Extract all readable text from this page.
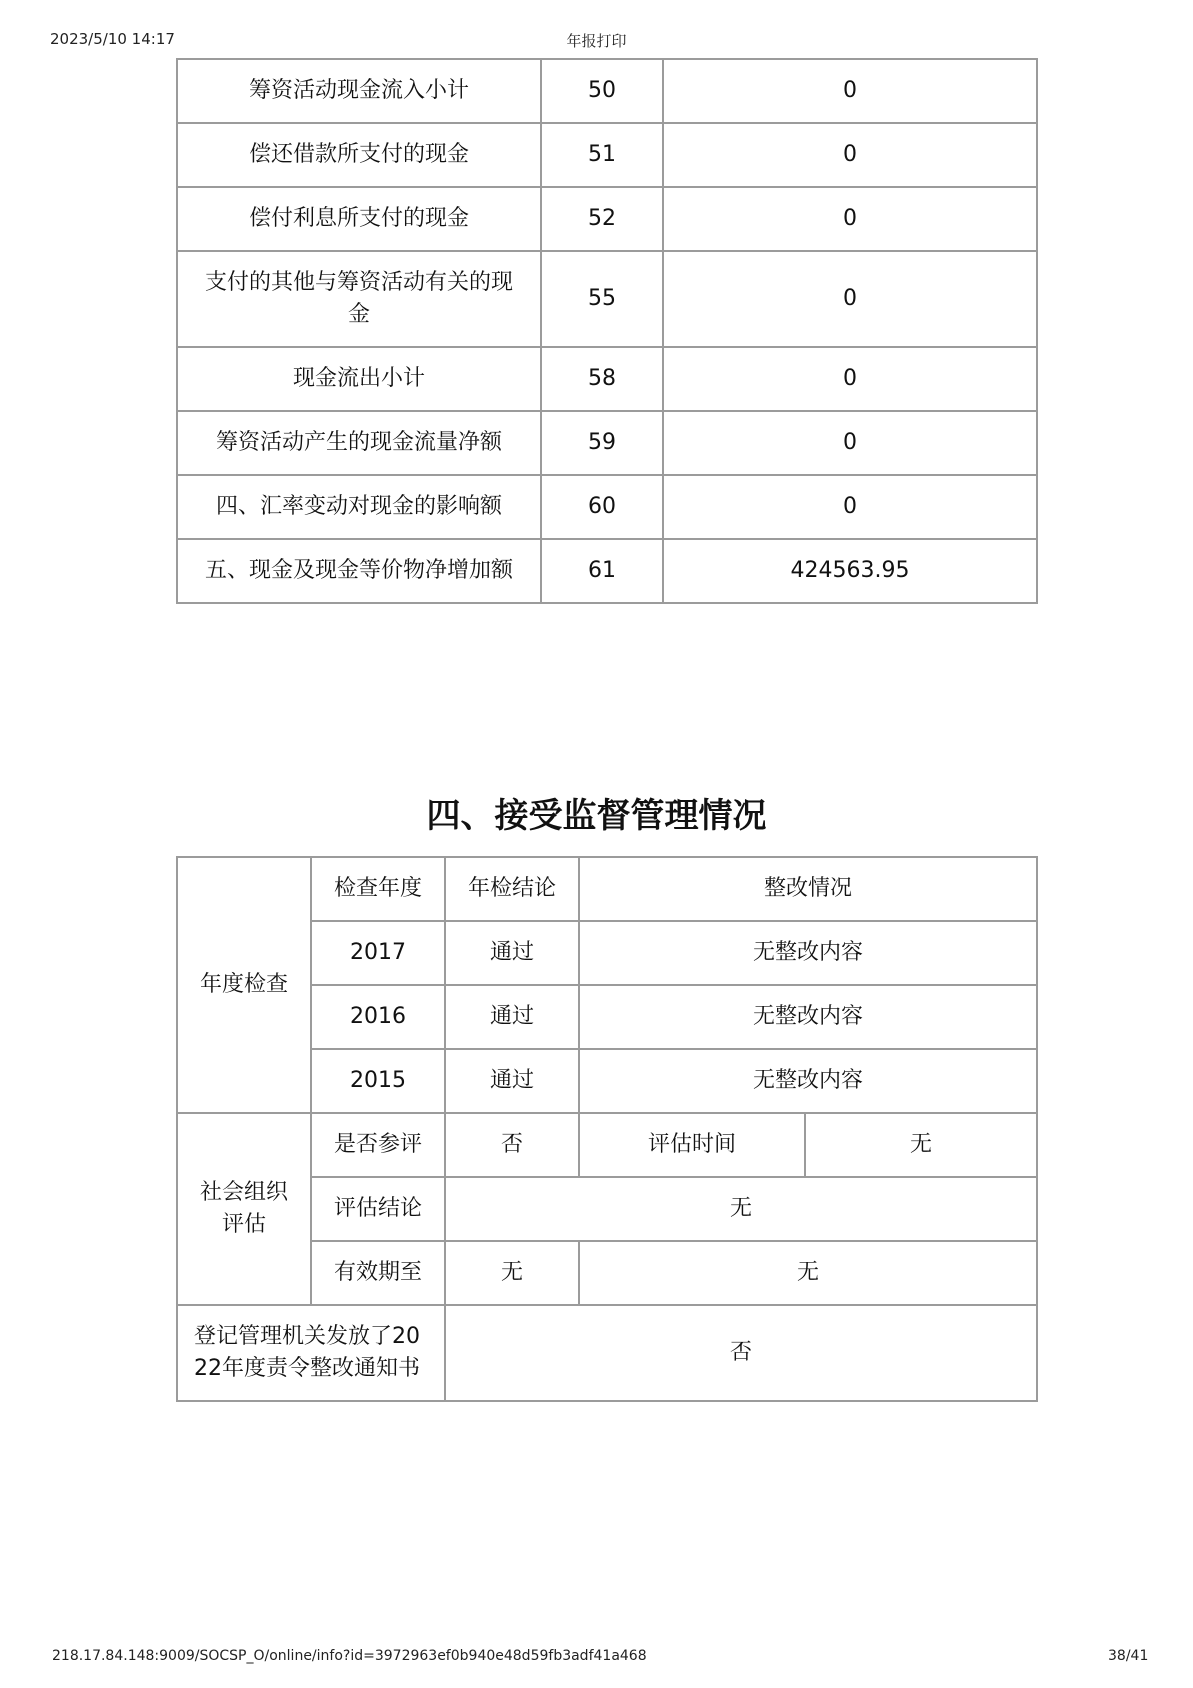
2023/5/10 14:17	年报打印
筹资活动现金流入小计	50	0
偿还借款所支付的现金	51	0
偿付利息所支付的现金	52	0
支付的其他与筹资活动有关的现金	55	0
现金流出小计	58	0
筹资活动产生的现金流量净额	59	0
四、汇率变动对现金的影响额	60	0
五、现金及现金等价物净增加额	61	424563.95
四、接受监督管理情况
年度检查	检查年度	年检结论	整改情况	
	2017	通过	无整改内容	
	2016	通过	无整改内容	
	2015	通过	无整改内容	
社会组织评估	是否参评	否	评估时间	无
	评估结论	无		
	有效期至	无	无	
登记管理机关发放了2022年度责令整改通知书		否		
218.17.84.148:9009/SOCSP_O/online/info?id=3972963ef0b940e48d59fb3adf41a468	38/41
